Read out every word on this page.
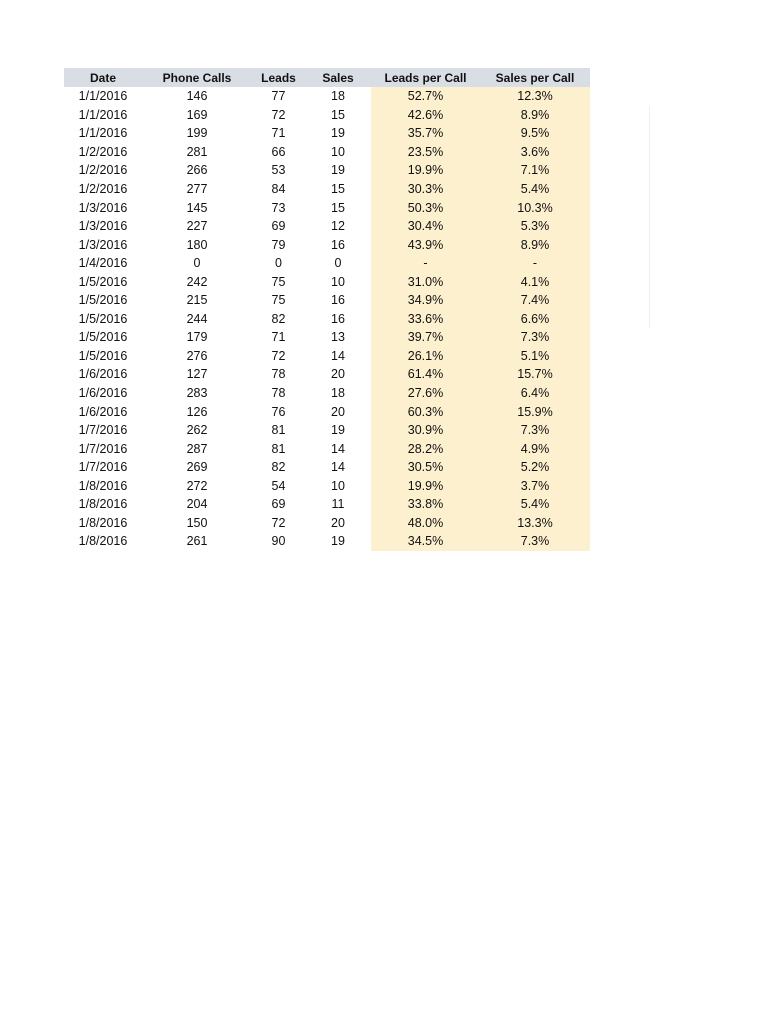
Date	Phone Calls	Leads	Sales	Leads per Call	Sales per Call
1/1/2016	146	77	18	52.7%	12.3%
1/1/2016	169	72	15	42.6%	8.9%
1/1/2016	199	71	19	35.7%	9.5%
1/2/2016	281	66	10	23.5%	3.6%
1/2/2016	266	53	19	19.9%	7.1%
1/2/2016	277	84	15	30.3%	5.4%
1/3/2016	145	73	15	50.3%	10.3%
1/3/2016	227	69	12	30.4%	5.3%
1/3/2016	180	79	16	43.9%	8.9%
1/4/2016	0	0	0	-	-
1/5/2016	242	75	10	31.0%	4.1%
1/5/2016	215	75	16	34.9%	7.4%
1/5/2016	244	82	16	33.6%	6.6%
1/5/2016	179	71	13	39.7%	7.3%
1/5/2016	276	72	14	26.1%	5.1%
1/6/2016	127	78	20	61.4%	15.7%
1/6/2016	283	78	18	27.6%	6.4%
1/6/2016	126	76	20	60.3%	15.9%
1/7/2016	262	81	19	30.9%	7.3%
1/7/2016	287	81	14	28.2%	4.9%
1/7/2016	269	82	14	30.5%	5.2%
1/8/2016	272	54	10	19.9%	3.7%
1/8/2016	204	69	11	33.8%	5.4%
1/8/2016	150	72	20	48.0%	13.3%
1/8/2016	261	90	19	34.5%	7.3%
